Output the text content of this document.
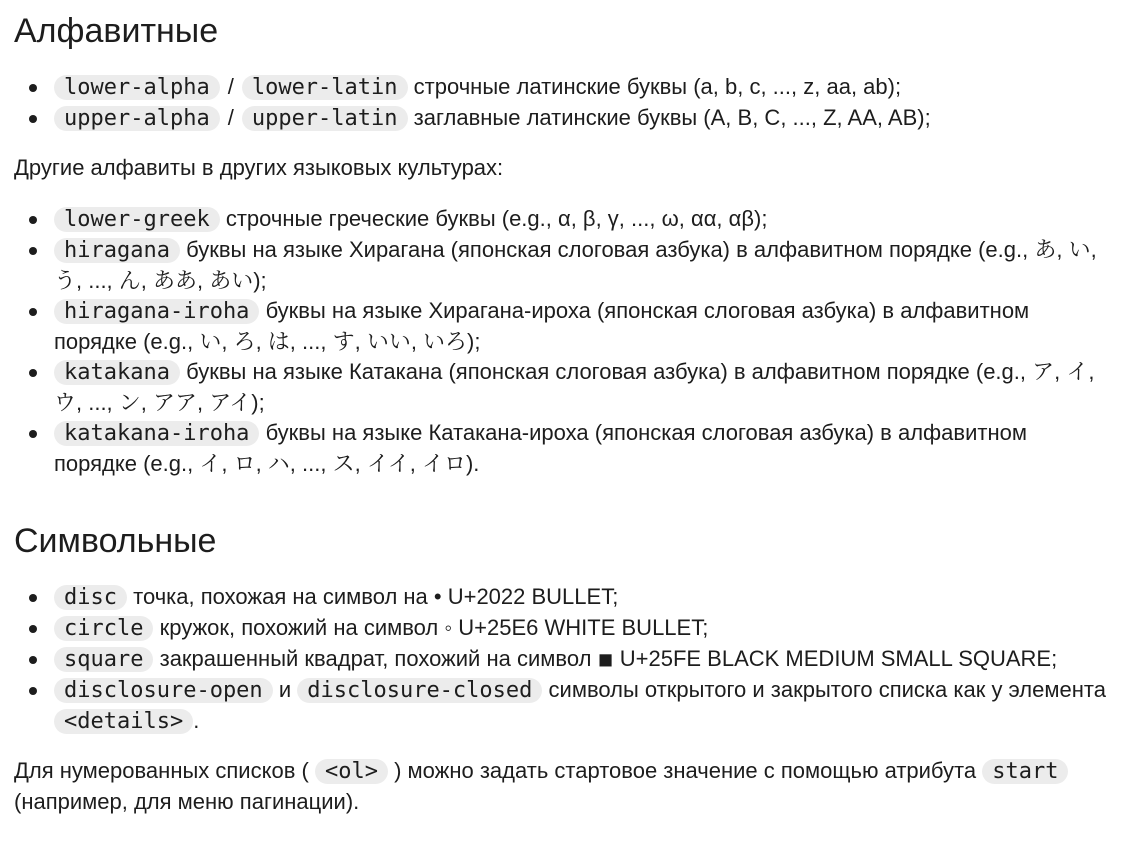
Алфавитные
lower-alpha / lower-latin строчные латинские буквы (a, b, c, ..., z, aa, ab);
upper-alpha / upper-latin заглавные латинские буквы (A, B, C, ..., Z, AA, AB);

Другие алфавиты в других языковых культурах:

lower-greek строчные греческие буквы (e.g., α, β, γ, ..., ω, αα, αβ);
hiragana буквы на языке Хирагана (японская слоговая азбука) в алфавитном порядке (e.g., あ, い, う, ..., ん, ああ, あい);
hiragana-iroha буквы на языке Хирагана-ироха (японская слоговая азбука) в алфавитном порядке (e.g., い, ろ, は, ..., す, いい, いろ);
katakana буквы на языке Катакана (японская слоговая азбука) в алфавитном порядке (e.g., ア, イ, ウ, ..., ン, アア, アイ);
katakana-iroha буквы на языке Катакана-ироха (японская слоговая азбука) в алфавитном порядке (e.g., イ, ロ, ハ, ..., ス, イイ, イロ).
Символьные
disc точка, похожая на символ на • U+2022 BULLET;
circle кружок, похожий на символ ◦ U+25E6 WHITE BULLET;
square закрашенный квадрат, похожий на символ ◾ U+25FE BLACK MEDIUM SMALL SQUARE;
disclosure-open и disclosure-closed символы открытого и закрытого списка как у элемента <details> .

Для нумерованных списков ( <ol> ) можно задать стартовое значение с помощью атрибута start (например, для меню пагинации).
